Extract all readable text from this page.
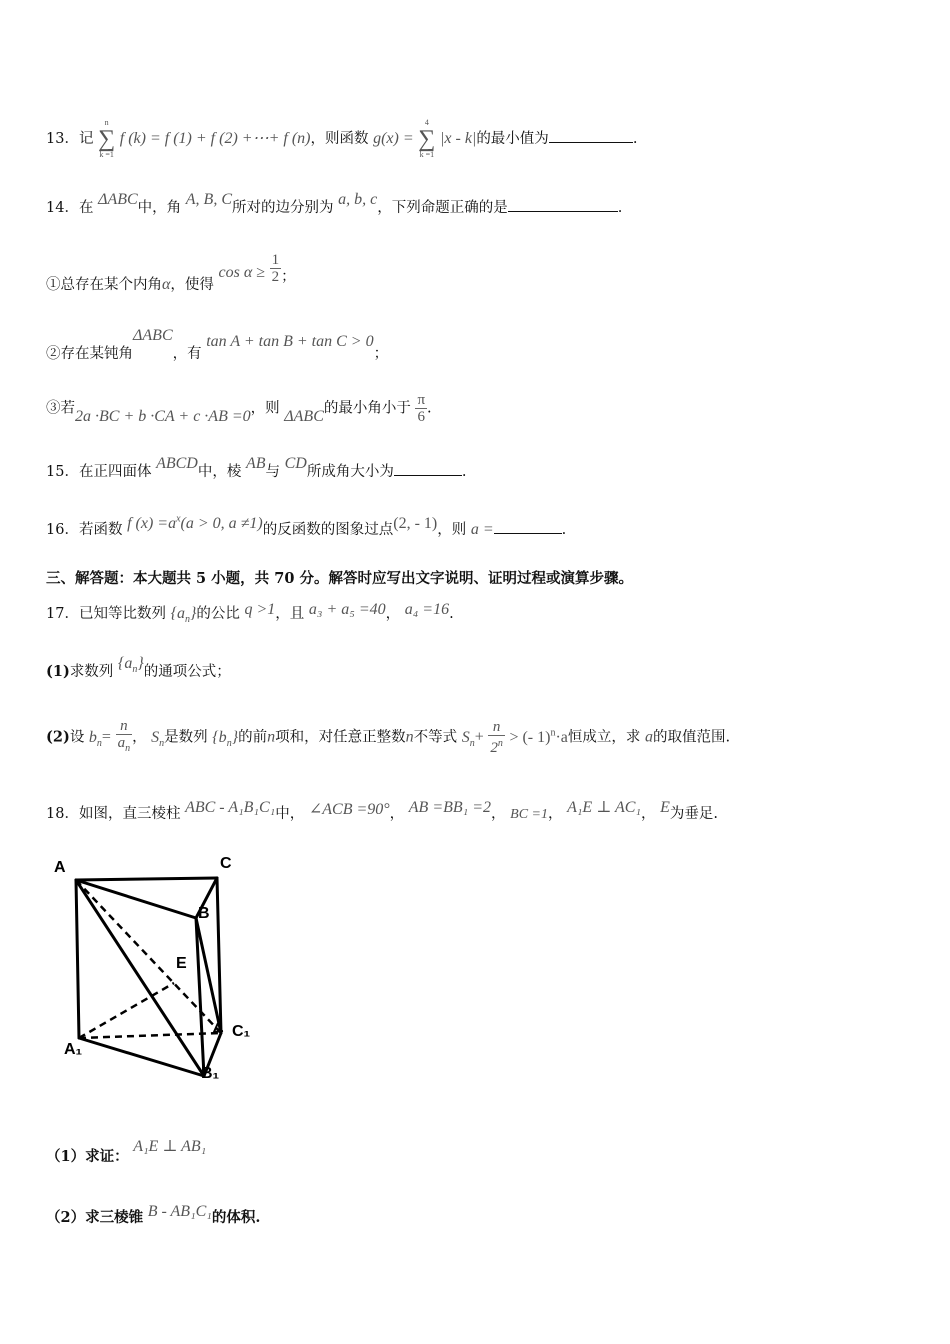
13．记
n
∑
k =1
f (k) = f (1) + f (2) +⋯+ f (n)，则函数 g(x) =
4
∑
k =1
|x - k|的最小值为	.
14．在 ΔABC中，角 A, B, C所对的边分别为 a, b, c，下列命题正确的是	.
①总存在某个内角α，使得 $\cos \alpha \ge \frac{1}{2}$ ；
②存在某钝角ΔABC，有 tan A + tan B + tan C > 0；
③若2a ·BC + b ·CA + c ·AB =0，则 ΔABC的最小角小于 $\frac{\pi}{6}$ .
15．在正四面体 ABCD中，棱 AB与 CD所成角大小为	.
16．若函数 f $(x) =a^x(a > 0$, a ≠1)的反函数的图象过点(2, - 1)，则 a =	.
三、解答题：本大题共 5 小题，共 70 分。解答时应写出文字说明、证明过程或演算步骤。
17．已知等比数列 $\{a_n\}$的公比 q >1，且 a₃ + a₅ =40， a₄ =16.
(1)求数列 $\{a_n\}$的通项公式；
(2)设 $b_n= \frac{n}{a_n}$ ， $S_n$是数列 $\{b_n\}$的前n项和，对任意正整数n不等式 $S_n+ \frac{n}{2^n}$ > (- 1)$^n$·a恒成立，求 a的取值范围.
18．如图，直三棱柱 ABC - A₁B₁C₁中， ∠ACB =90°， AB =BB₁ =2， BC =1， A₁E ⊥ AC₁， E为垂足.
A	C
B
E
C₁
A₁
B₁
（1）求证： A₁E ⊥ AB₁
（2）求三棱锥 B - AB₁C₁的体积.
